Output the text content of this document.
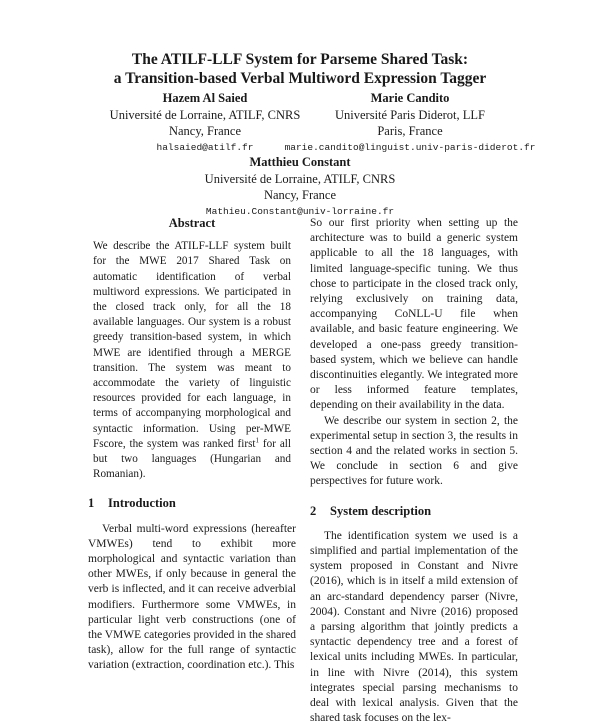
The ATILF-LLF System for Parseme Shared Task:
a Transition-based Verbal Multiword Expression Tagger
Hazem Al Saied
Université de Lorraine, ATILF, CNRS
Nancy, France
halsaied@atilf.fr
Marie Candito
Université Paris Diderot, LLF
Paris, France
marie.candito@linguist.univ-paris-diderot.fr
Matthieu Constant
Université de Lorraine, ATILF, CNRS
Nancy, France
Mathieu.Constant@univ-lorraine.fr
Abstract

We describe the ATILF-LLF system built for the MWE 2017 Shared Task on automatic identification of verbal multiword expressions. We participated in the closed track only, for all the 18 available languages. Our system is a robust greedy transition-based system, in which MWE are identified through a MERGE transition. The system was meant to accommodate the variety of linguistic resources provided for each language, in terms of accompanying morphological and syntactic information. Using per-MWE Fscore, the system was ranked first$^1$ for all but two languages (Hungarian and Romanian).

1 Introduction

Verbal multi-word expressions (hereafter VMWEs) tend to exhibit more morphological and syntactic variation than other MWEs, if only because in general the verb is inflected, and it can receive adverbial modifiers. Furthermore some VMWEs, in particular light verb constructions (one of the VMWE categories provided in the shared task), allow for the full range of syntactic variation (extraction, coordination etc.). This

So our first priority when setting up the architecture was to build a generic system applicable to all the 18 languages, with limited language-specific tuning. We thus chose to participate in the closed track only, relying exclusively on training data, accompanying CoNLL-U file when available, and basic feature engineering. We developed a one-pass greedy transition-based system, which we believe can handle discontinuities elegantly. We integrated more or less informed feature templates, depending on their availability in the data.

We describe our system in section 2, the experimental setup in section 3, the results in section 4 and the related works in section 5. We conclude in section 6 and give perspectives for future work.

2 System description

The identification system we used is a simplified and partial implementation of the system proposed in Constant and Nivre (2016), which is in itself a mild extension of an arc-standard dependency parser (Nivre, 2004). Constant and Nivre (2016) proposed a parsing algorithm that jointly predicts a syntactic dependency tree and a forest of lexical units including MWEs. In particular, in line with Nivre (2014), this system integrates special parsing mechanisms to deal with lexical analysis. Given that the shared task focuses on the lex-
